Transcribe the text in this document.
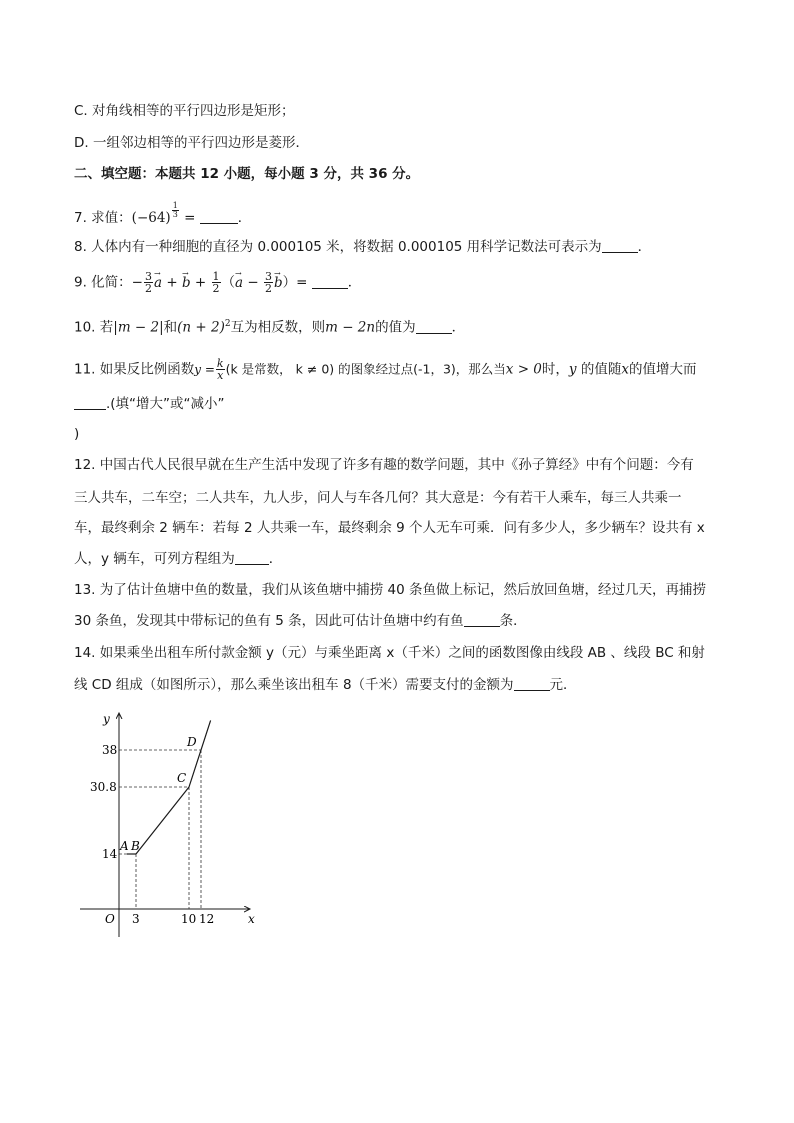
C. 对角线相等的平行四边形是矩形；
D. 一组邻边相等的平行四边形是菱形．
二、填空题：本题共 12 小题，每小题 3 分，共 36 分。
7. 求值：$(-64) \frac{1}{3}$ =	．
8. 人体内有一种细胞的直径为 0.000105 米，将数据 0.000105 用科学记数法可表示为	．
9. 化简：− $\frac{3}{2}$
→ a + → $b + \frac{1}{2}$ （→ $a - \frac{3}{2}$
→ b）=	．
10. 若|m − 2|和$(n + 2)^2$互为相反数，则m − 2n的值为	．
11. 如果反比例函数$y = \frac{k}{x} (k$ 是常数， k ≠ 0) 的图象经过点(-1，3)，那么当x > 0时，y 的值随x的值增大而
.(填“增大”或“减小”
)
12. 中国古代人民很早就在生产生活中发现了许多有趣的数学问题，其中《孙子算经》中有个问题：今有
三人共车，二车空；二人共车，九人步，问人与车各几何？其大意是：今有若干人乘车，每三人共乘一
车，最终剩余 2 辆车：若每 2 人共乘一车，最终剩余 9 个人无车可乘．问有多少人，多少辆车？设共有 x
人，y 辆车，可列方程组为	．
13. 为了估计鱼塘中鱼的数量，我们从该鱼塘中捕捞 40 条鱼做上标记，然后放回鱼塘，经过几天，再捕捞
30 条鱼，发现其中带标记的鱼有 5 条，因此可估计鱼塘中约有鱼	条．
14. 如果乘坐出租车所付款金额 y（元）与乘坐距离 x（千米）之间的函数图像由线段 AB 、线段 BC 和射
线 CD 组成（如图所示），那么乘坐该出租车 8（千米）需要支付的金额为	元．
x
y
O
38
30.8
14
3	10 12
A B
C
D
